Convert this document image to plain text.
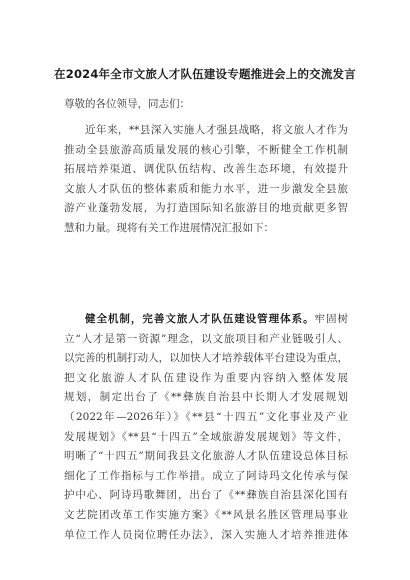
在2024年全市文旅人才队伍建设专题推进会上的交流发言
尊敬的各位领导，同志们：
近年来，**县深入实施人才强县战略，将文旅人才作为
推动全县旅游高质量发展的核心引擎，不断健全工作机制
拓展培养渠道、调优队伍结构、改善生态环境，有效提升
文旅人才队伍的整体素质和能力水平，进一步激发全县旅
游产业蓬勃发展，为打造国际知名旅游目的地贡献更多智
慧和力量。现将有关工作进展情况汇报如下：
健全机制，完善文旅人才队伍建设管理体系。牢固树
立“人才是第一资源”理念，以文旅项目和产业链吸引人、
以完善的机制打动人，以加快人才培养载体平台建设为重点，
把文化旅游人才队伍建设作为重要内容纳入整体发展
规划，制定出台了《**彝族自治县中长期人才发展规划
（2022年—2026年）》《**县“十四五”文化事业及产业
发展规划》《**县“十四五”全域旅游发展规划》等文件，
明晰了“十四五”期间我县文化旅游人才队伍建设总体目标
细化了工作指标与工作举措。成立了阿诗玛文化传承与保
护中心、阿诗玛歌舞团，出台了《**彝族自治县深化国有
文艺院团改革工作实施方案》《**风景名胜区管理局事业
单位工作人员岗位聘任办法》，深入实施人才培养推进体
